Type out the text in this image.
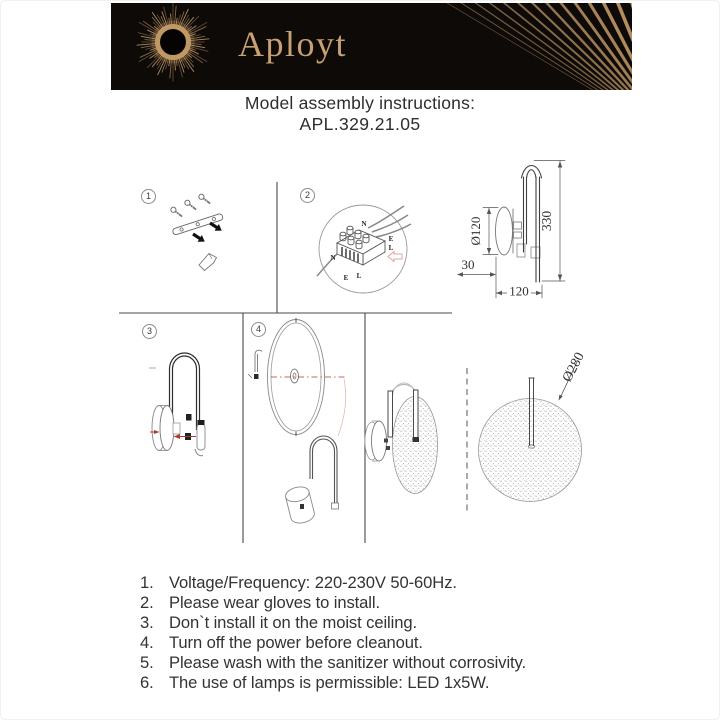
Aployt
Model assembly instructions:
APL.329.21.05
N
E
L
N
E L
330
Ø120
30
120
Ø280
1	2
3	4
1. Voltage/Frequency: 220-230V 50-60Hz.
2. Please wear gloves to install.
3. Don`t install it on the moist ceiling.
4. Turn off the power before cleanout.
5. Please wash with the sanitizer without corrosivity.
6. The use of lamps is permissible: LED 1x5W.
